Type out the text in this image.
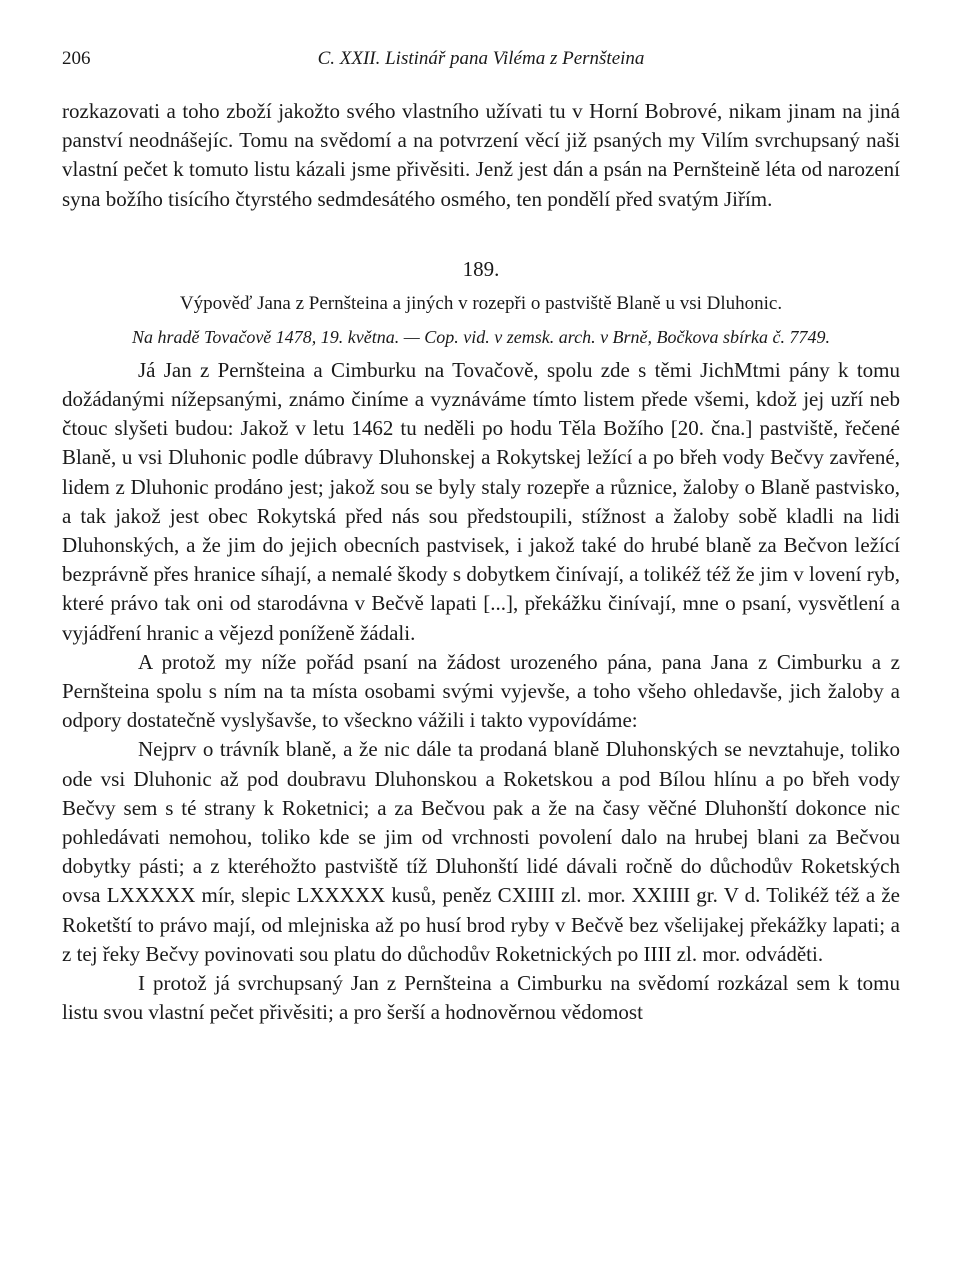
206	C. XXII. Listinář pana Viléma z Pernšteina

rozkazovati a toho zboží jakožto svého vlastního užívati tu v Horní Bobrové, nikam jinam na jiná panství neodnášejíc. Tomu na svědomí a na potvrzení věcí již psaných my Vilím svrchupsaný naši vlastní pečet k tomuto listu kázali jsme přivěsiti. Jenž jest dán a psán na Pernšteině léta od narození syna božího tisícího čtyrstého sedmdesátého osmého, ten pondělí před svatým Jiřím.

189.
Výpověď Jana z Pernšteina a jiných v rozepři o pastviště Blaně u vsi Dluhonic.
Na hradě Tovačově 1478, 19. května. — Cop. vid. v zemsk. arch. v Brně, Bočkova sbírka č. 7749.

Já Jan z Pernšteina a Cimburku na Tovačově, spolu zde s těmi JichMtmi pány k tomu dožádanými nížepsanými, známo činíme a vyznáváme tímto listem přede všemi, kdož jej uzří neb čtouc slyšeti budou: Jakož v letu 1462 tu neděli po hodu Těla Božího [20. čna.] pastviště, řečené Blaně, u vsi Dluhonic podle dúbravy Dluhonskej a Rokytskej ležící a po břeh vody Bečvy zavřené, lidem z Dluhonic prodáno jest; jakož sou se byly staly rozepře a různice, žaloby o Blaně pastvisko, a tak jakož jest obec Rokytská před nás sou předstoupili, stížnost a žaloby sobě kladli na lidi Dluhonských, a že jim do jejich obecních pastvisek, i jakož také do hrubé blaně za Bečvon ležící bezprávně přes hranice síhají, a nemalé škody s dobytkem činívají, a tolikéž též že jim v lovení ryb, které právo tak oni od starodávna v Bečvě lapati [...], překážku činívají, mne o psaní, vysvětlení a vyjádření hranic a vějezd poníženě žádali.

A protož my níže pořád psaní na žádost urozeného pána, pana Jana z Cimburku a z Pernšteina spolu s ním na ta místa osobami svými vyjevše, a toho všeho ohledavše, jich žaloby a odpory dostatečně vyslyšavše, to všeckno vážili i takto vypovídáme:

Nejprv o trávník blaně, a že nic dále ta prodaná blaně Dluhonských se nevztahuje, toliko ode vsi Dluhonic až pod doubravu Dluhonskou a Roketskou a pod Bílou hlínu a po břeh vody Bečvy sem s té strany k Roketnici; a za Bečvou pak a že na časy věčné Dluhonští dokonce nic pohledávati nemohou, toliko kde se jim od vrchnosti povolení dalo na hrubej blani za Bečvou dobytky pásti; a z kteréhožto pastviště tíž Dluhonští lidé dávali ročně do důchodův Roketských ovsa LXXXXX mír, slepic LXXXXX kusů, peněz CXIIII zl. mor. XXIIII gr. V d. Tolikéž též a že Roketští to právo mají, od mlejniska až po husí brod ryby v Bečvě bez všelijakej překážky lapati; a z tej řeky Bečvy povinovati sou platu do důchodův Roketnických po IIII zl. mor. odváděti.

I protož já svrchupsaný Jan z Pernšteina a Cimburku na svědomí rozkázal sem k tomu listu svou vlastní pečet přivěsiti; a pro šerší a hodnověrnou vědomost
